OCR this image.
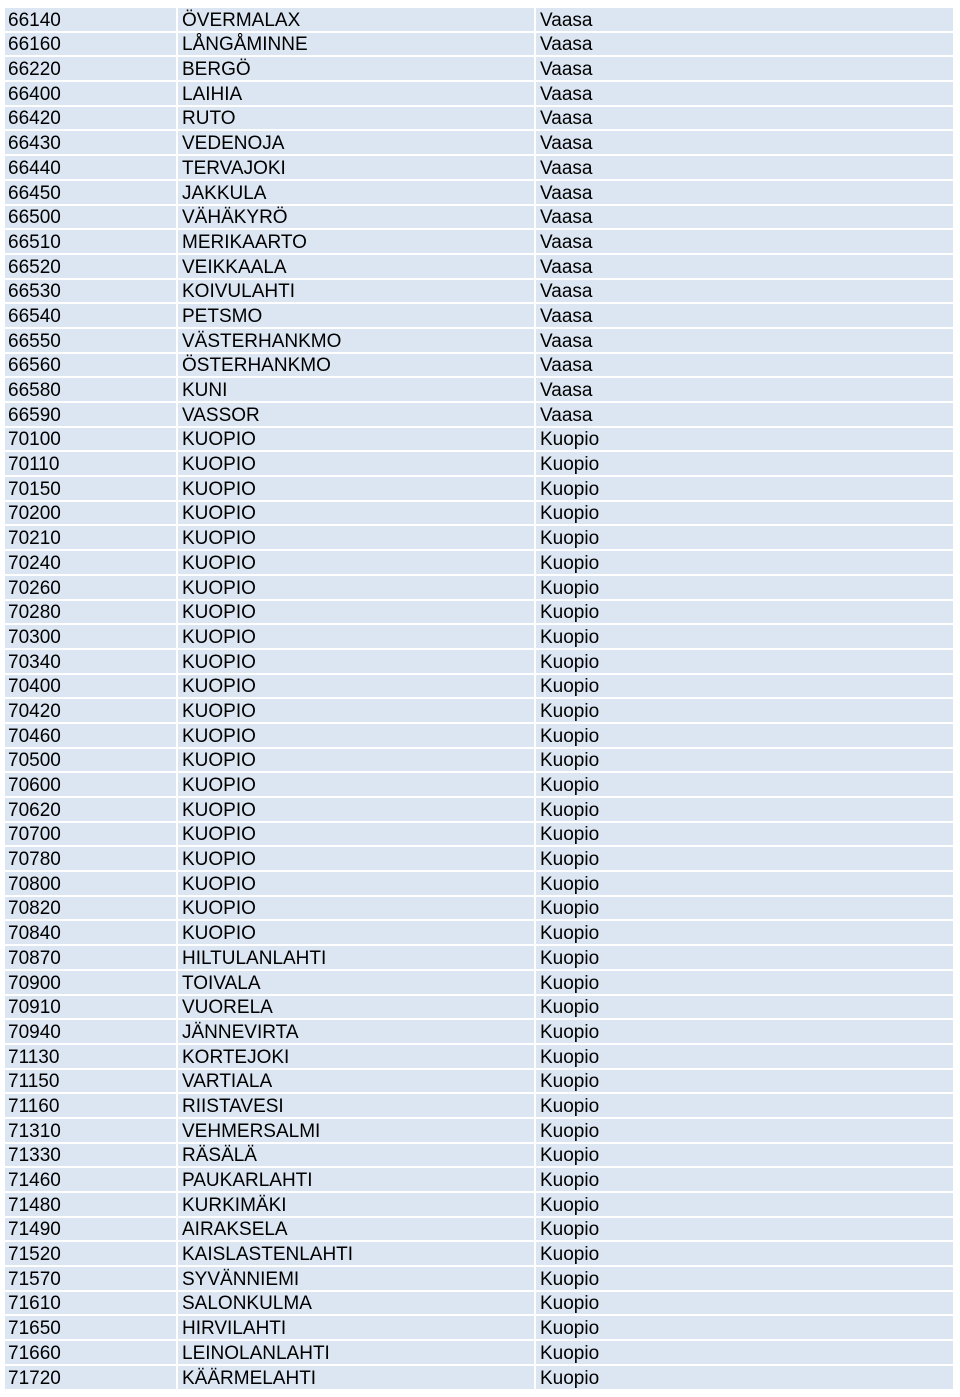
66140	ÖVERMALAX	Vaasa
66160	LÅNGÅMINNE	Vaasa
66220	BERGÖ	Vaasa
66400	LAIHIA	Vaasa
66420	RUTO	Vaasa
66430	VEDENOJA	Vaasa
66440	TERVAJOKI	Vaasa
66450	JAKKULA	Vaasa
66500	VÄHÄKYRÖ	Vaasa
66510	MERIKAARTO	Vaasa
66520	VEIKKAALA	Vaasa
66530	KOIVULAHTI	Vaasa
66540	PETSMO	Vaasa
66550	VÄSTERHANKMO	Vaasa
66560	ÖSTERHANKMO	Vaasa
66580	KUNI	Vaasa
66590	VASSOR	Vaasa
70100	KUOPIO	Kuopio
70110	KUOPIO	Kuopio
70150	KUOPIO	Kuopio
70200	KUOPIO	Kuopio
70210	KUOPIO	Kuopio
70240	KUOPIO	Kuopio
70260	KUOPIO	Kuopio
70280	KUOPIO	Kuopio
70300	KUOPIO	Kuopio
70340	KUOPIO	Kuopio
70400	KUOPIO	Kuopio
70420	KUOPIO	Kuopio
70460	KUOPIO	Kuopio
70500	KUOPIO	Kuopio
70600	KUOPIO	Kuopio
70620	KUOPIO	Kuopio
70700	KUOPIO	Kuopio
70780	KUOPIO	Kuopio
70800	KUOPIO	Kuopio
70820	KUOPIO	Kuopio
70840	KUOPIO	Kuopio
70870	HILTULANLAHTI	Kuopio
70900	TOIVALA	Kuopio
70910	VUORELA	Kuopio
70940	JÄNNEVIRTA	Kuopio
71130	KORTEJOKI	Kuopio
71150	VARTIALA	Kuopio
71160	RIISTAVESI	Kuopio
71310	VEHMERSALMI	Kuopio
71330	RÄSÄLÄ	Kuopio
71460	PAUKARLAHTI	Kuopio
71480	KURKIMÄKI	Kuopio
71490	AIRAKSELA	Kuopio
71520	KAISLASTENLAHTI	Kuopio
71570	SYVÄNNIEMI	Kuopio
71610	SALONKULMA	Kuopio
71650	HIRVILAHTI	Kuopio
71660	LEINOLANLAHTI	Kuopio
71720	KÄÄRMELAHTI	Kuopio
